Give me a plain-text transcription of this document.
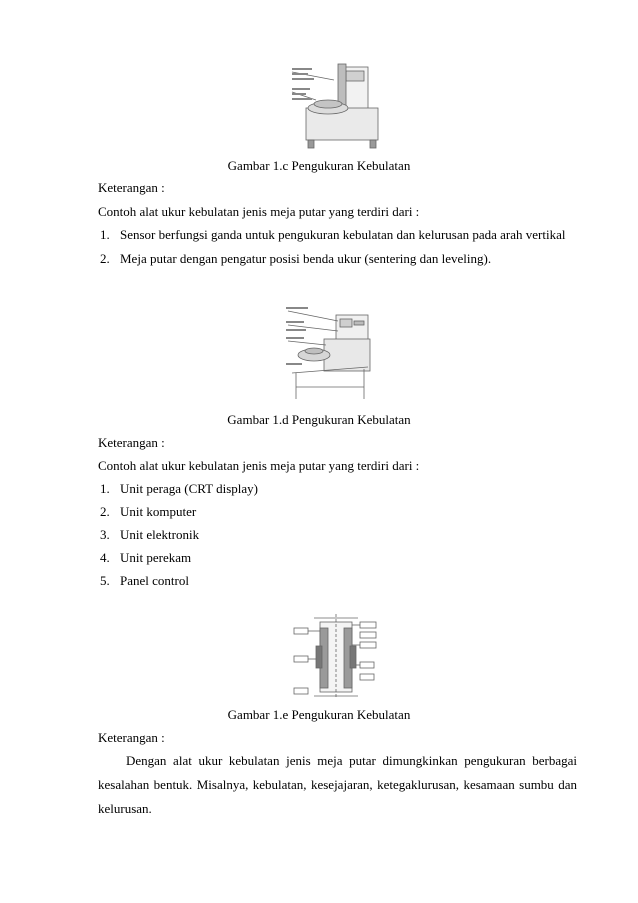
Gambar 1.c Pengukuran Kebulatan
Keterangan :
Contoh alat ukur kebulatan jenis meja putar yang terdiri dari :
1. Sensor berfungsi ganda untuk pengukuran kebulatan dan kelurusan pada arah vertikal
2. Meja putar dengan pengatur posisi benda ukur (sentering dan leveling).
Gambar 1.d Pengukuran Kebulatan
Keterangan :
Contoh alat ukur kebulatan jenis meja putar yang terdiri dari :
1. Unit peraga (CRT display)
2. Unit komputer
3. Unit elektronik
4. Unit perekam
5. Panel control
Gambar 1.e Pengukuran Kebulatan
Keterangan :

Dengan alat ukur kebulatan jenis meja putar dimungkinkan pengukuran berbagai

kesalahan bentuk. Misalnya, kebulatan, kesejajaran, ketegaklurusan, kesamaan sumbu dan

kelurusan.
